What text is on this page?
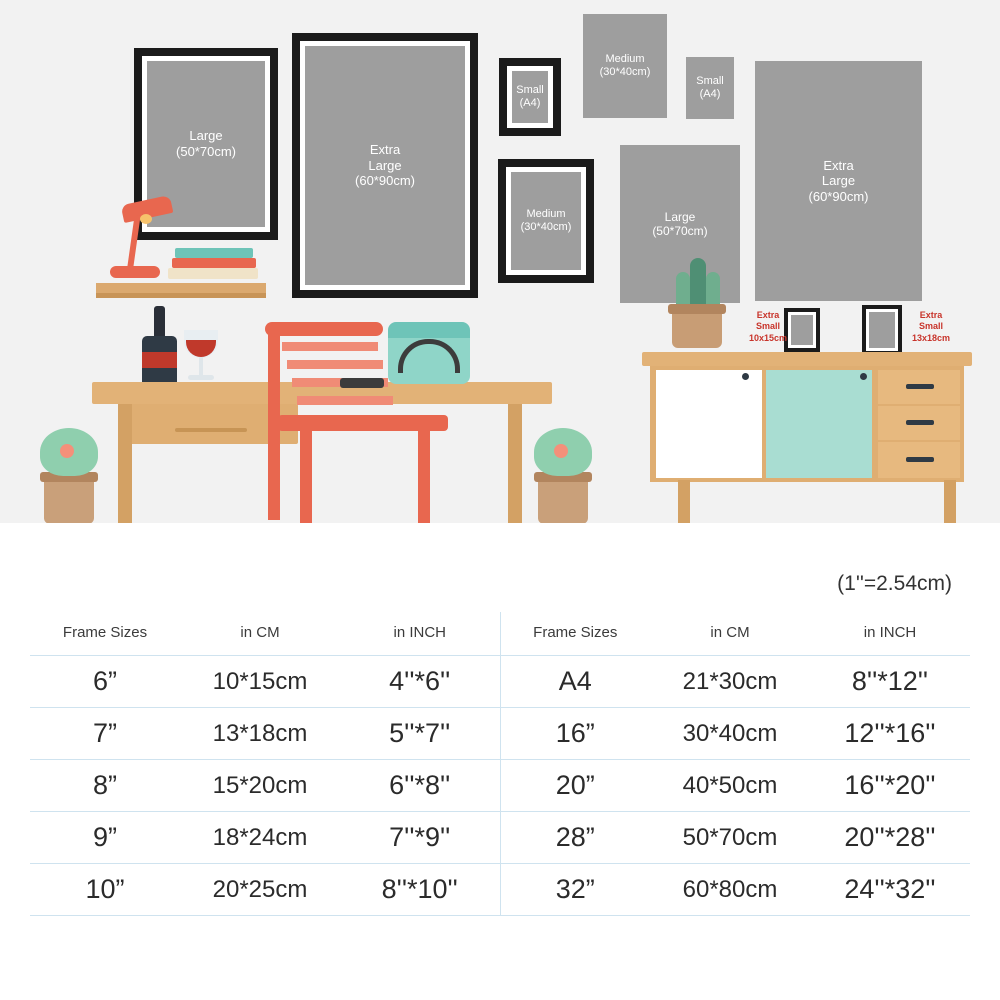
Large
(50*70cm)	Extra
Large
(60*90cm)
Small
(A4)
Medium
(30*40cm)
Small
(A4)
Extra
Large
(60*90cm)
Medium
(30*40cm)
Large
(50*70cm)
Extra
Small
10x15cm
Extra
Small
13x18cm
(1''=2.54cm)
Frame Sizes	in CM	in INCH	Frame Sizes	in CM	in INCH
6”	10*15cm	4''*6''	A4	21*30cm	8''*12''
7”	13*18cm	5''*7''	16”	30*40cm	12''*16''
8”	15*20cm	6''*8''	20”	40*50cm	16''*20''
9”	18*24cm	7''*9''	28”	50*70cm	20''*28''
10”	20*25cm	8''*10''	32”	60*80cm	24''*32''
